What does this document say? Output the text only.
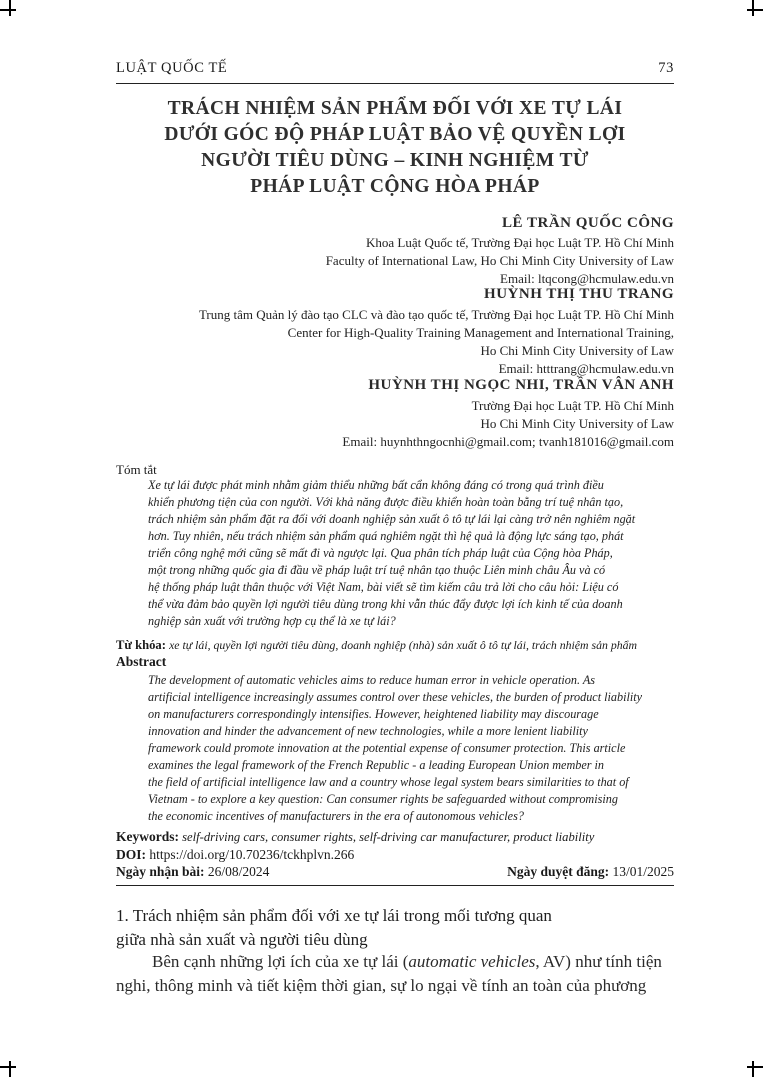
LUẬT QUỐC TẾ	73
TRÁCH NHIỆM SẢN PHẨM ĐỐI VỚI XE TỰ LÁI
DƯỚI GÓC ĐỘ PHÁP LUẬT BẢO VỆ QUYỀN LỢI
NGƯỜI TIÊU DÙNG – KINH NGHIỆM TỪ
PHÁP LUẬT CỘNG HÒA PHÁP
LÊ TRẦN QUỐC CÔNG
Khoa Luật Quốc tế, Trường Đại học Luật TP. Hồ Chí Minh
Faculty of International Law, Ho Chi Minh City University of Law
Email: ltqcong@hcmulaw.edu.vn
HUỲNH THỊ THU TRANG
Trung tâm Quản lý đào tạo CLC và đào tạo quốc tế, Trường Đại học Luật TP. Hồ Chí Minh
Center for High-Quality Training Management and International Training,
Ho Chi Minh City University of Law
Email: htttrang@hcmulaw.edu.vn
HUỲNH THỊ NGỌC NHI, TRẦN VÂN ANH
Trường Đại học Luật TP. Hồ Chí Minh
Ho Chi Minh City University of Law
Email: huynhthngocnhi@gmail.com; tvanh181016@gmail.com
Tóm tắt
Xe tự lái được phát minh nhằm giảm thiểu những bất cẩn không đáng có trong quá trình điều
khiển phương tiện của con người. Với khả năng được điều khiển hoàn toàn bằng trí tuệ nhân tạo,
trách nhiệm sản phẩm đặt ra đối với doanh nghiệp sản xuất ô tô tự lái lại càng trở nên nghiêm ngặt
hơn. Tuy nhiên, nếu trách nhiệm sản phẩm quá nghiêm ngặt thì hệ quả là động lực sáng tạo, phát
triển công nghệ mới cũng sẽ mất đi và ngược lại. Qua phân tích pháp luật của Cộng hòa Pháp,
một trong những quốc gia đi đầu về pháp luật trí tuệ nhân tạo thuộc Liên minh châu Âu và có
hệ thống pháp luật thân thuộc với Việt Nam, bài viết sẽ tìm kiếm câu trả lời cho câu hỏi: Liệu có
thể vừa đảm bảo quyền lợi người tiêu dùng trong khi vẫn thúc đẩy được lợi ích kinh tế của doanh
nghiệp sản xuất với trường hợp cụ thể là xe tự lái?
Từ khóa: xe tự lái, quyền lợi người tiêu dùng, doanh nghiệp (nhà) sản xuất ô tô tự lái, trách nhiệm sản phẩm
Abstract
The development of automatic vehicles aims to reduce human error in vehicle operation. As
artificial intelligence increasingly assumes control over these vehicles, the burden of product liability
on manufacturers correspondingly intensifies. However, heightened liability may discourage
innovation and hinder the advancement of new technologies, while a more lenient liability
framework could promote innovation at the potential expense of consumer protection. This article
examines the legal framework of the French Republic - a leading European Union member in
the field of artificial intelligence law and a country whose legal system bears similarities to that of
Vietnam - to explore a key question: Can consumer rights be safeguarded without compromising
the economic incentives of manufacturers in the era of autonomous vehicles?
Keywords: self-driving cars, consumer rights, self-driving car manufacturer, product liability
DOI: https://doi.org/10.70236/tckhplvn.266
Ngày nhận bài: 26/08/2024	Ngày duyệt đăng: 13/01/2025
1. Trách nhiệm sản phẩm đối với xe tự lái trong mối tương quan
giữa nhà sản xuất và người tiêu dùng
Bên cạnh những lợi ích của xe tự lái (automatic vehicles, AV) như tính tiện
nghi, thông minh và tiết kiệm thời gian, sự lo ngại về tính an toàn của phương
